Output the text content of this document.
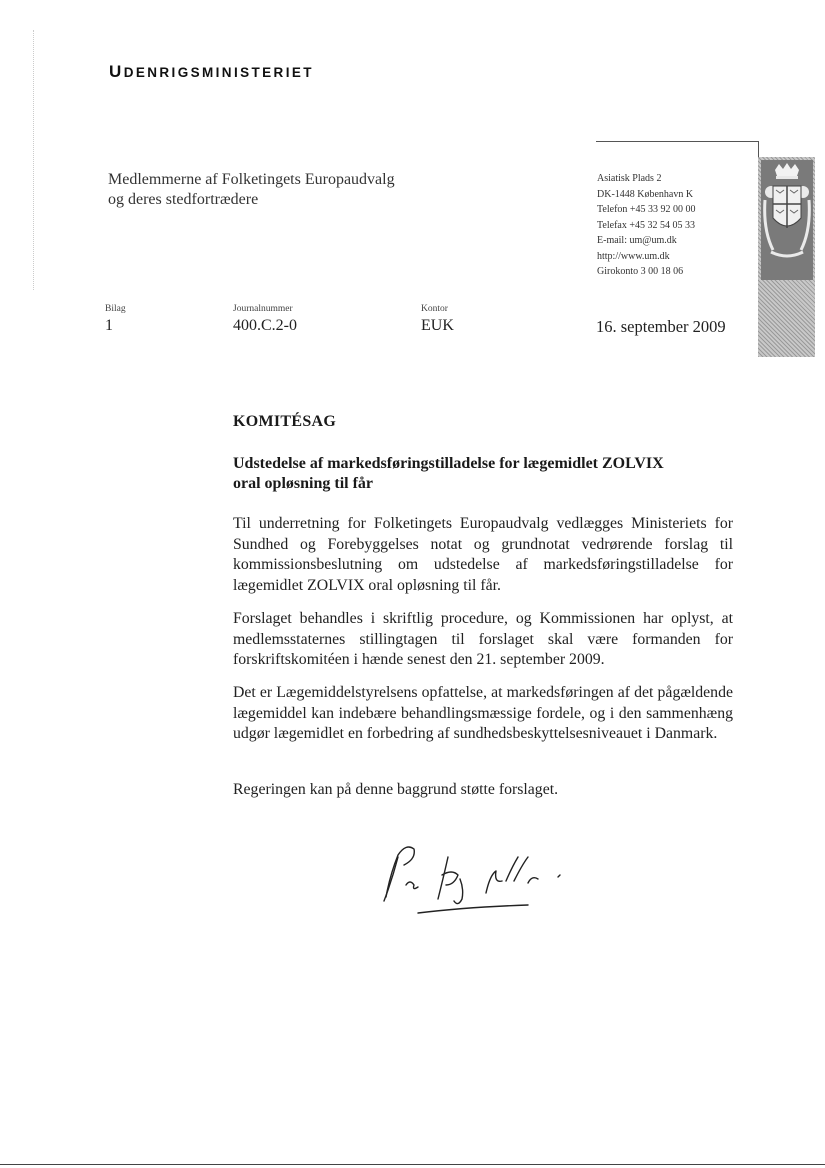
UDENRIGSMINISTERIET
Medlemmerne af Folketingets Europaudvalg
og deres stedfortrædere
Asiatisk Plads 2
DK-1448 København K
Telefon +45 33 92 00 00
Telefax +45 32 54 05 33
E-mail: um@um.dk
http://www.um.dk
Girokonto 3 00 18 06
Bilag
1
Journalnummer
400.C.2-0
Kontor
EUK	16. september 2009
KOMITÉSAG
Udstedelse af markedsføringstilladelse for lægemidlet ZOLVIX
oral opløsning til får

Til underretning for Folketingets Europaudvalg vedlægges Ministeriets for Sundhed og Forebyggelses notat og grundnotat vedrørende forslag til kommissionsbeslutning om udstedelse af markedsføringstilladelse for lægemidlet ZOLVIX oral opløsning til får.

Forslaget behandles i skriftlig procedure, og Kommissionen har oplyst, at medlemsstaternes stillingtagen til forslaget skal være formanden for forskriftskomitéen i hænde senest den 21. september 2009.

Det er Lægemiddelstyrelsens opfattelse, at markedsføringen af det pågældende lægemiddel kan indebære behandlingsmæssige fordele, og i den sammenhæng udgør lægemidlet en forbedring af sundhedsbeskyttelsesniveauet i Danmark.

Regeringen kan på denne baggrund støtte forslaget.
